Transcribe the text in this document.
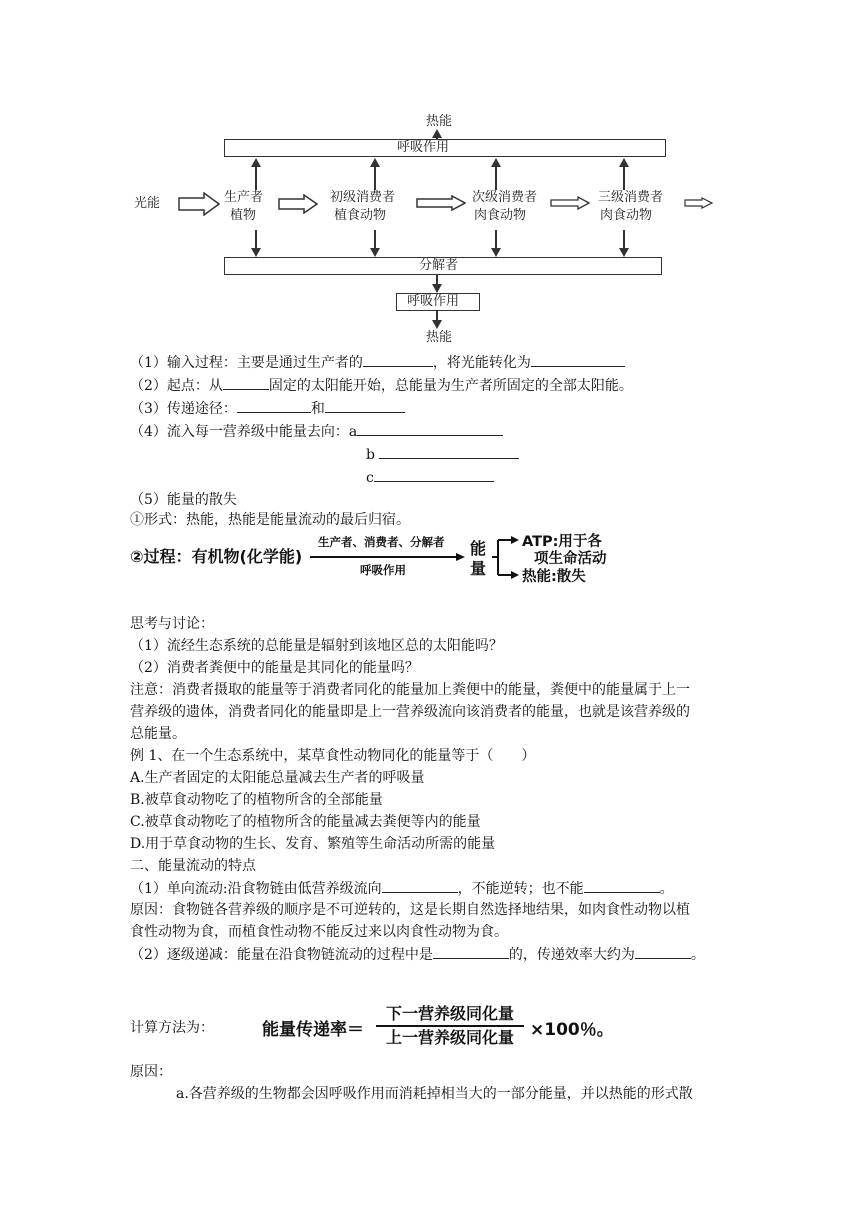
热能
呼吸作用
光能	生产者
植物
初级消费者
植食动物
次级消费者
肉食动物
三级消费者
肉食动物
分解者
呼吸作用
热能
（1）输入过程：主要是通过生产者的	，将光能转化为
（2）起点：从	固定的太阳能开始，总能量为生产者所固定的全部太阳能。
（3）传递途径：	和
（4）流入每一营养级中能量去向：a
b
c
（5）能量的散失
①形式：热能，热能是能量流动的最后归宿。
②过程：有机物(化学能)
生产者、消费者、分解者
呼吸作用
能
量
ATP:用于各
项生命活动
热能:散失
思考与讨论：
（1）流经生态系统的总能量是辐射到该地区总的太阳能吗？
（2）消费者粪便中的能量是其同化的能量吗？
注意：消费者摄取的能量等于消费者同化的能量加上粪便中的能量，粪便中的能量属于上一
营养级的遗体，消费者同化的能量即是上一营养级流向该消费者的能量，也就是该营养级的
总能量。
例 1、在一个生态系统中，某草食性动物同化的能量等于（　　）
A.生产者固定的太阳能总量减去生产者的呼吸量
B.被草食动物吃了的植物所含的全部能量
C.被草食动物吃了的植物所含的能量减去粪便等内的能量
D.用于草食动物的生长、发育、繁殖等生命活动所需的能量
二、能量流动的特点
（1）单向流动:沿食物链由低营养级流向	，不能逆转；也不能	。
原因：食物链各营养级的顺序是不可逆转的，这是长期自然选择地结果，如肉食性动物以植
食性动物为食，而植食性动物不能反过来以肉食性动物为食。
（2）逐级递减：能量在沿食物链流动的过程中是	的，传递效率大约为	。
计算方法为：	能量传递率＝
下一营养级同化量
上一营养级同化量 ×100％。
原因：
a.各营养级的生物都会因呼吸作用而消耗掉相当大的一部分能量，并以热能的形式散
